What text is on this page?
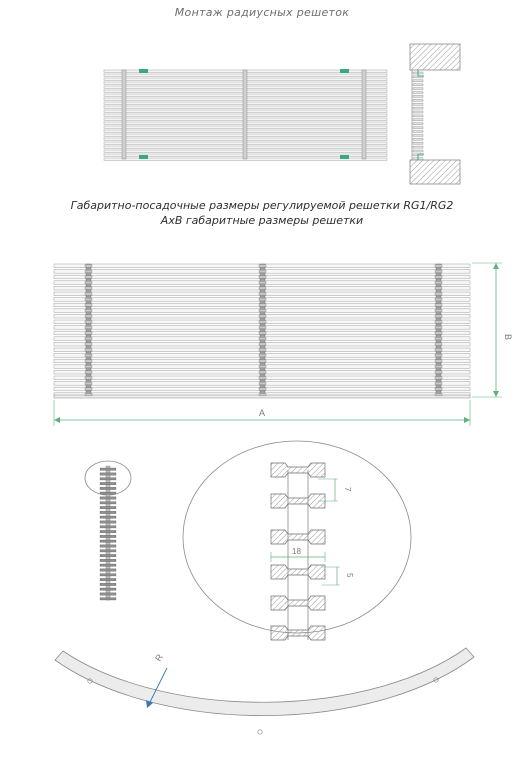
Монтаж радиусных решеток
Габаритно-посадочные размеры регулируемой решетки RG1/RG2
АхВ габаритные размеры решетки
B
A
7
18
5
R
